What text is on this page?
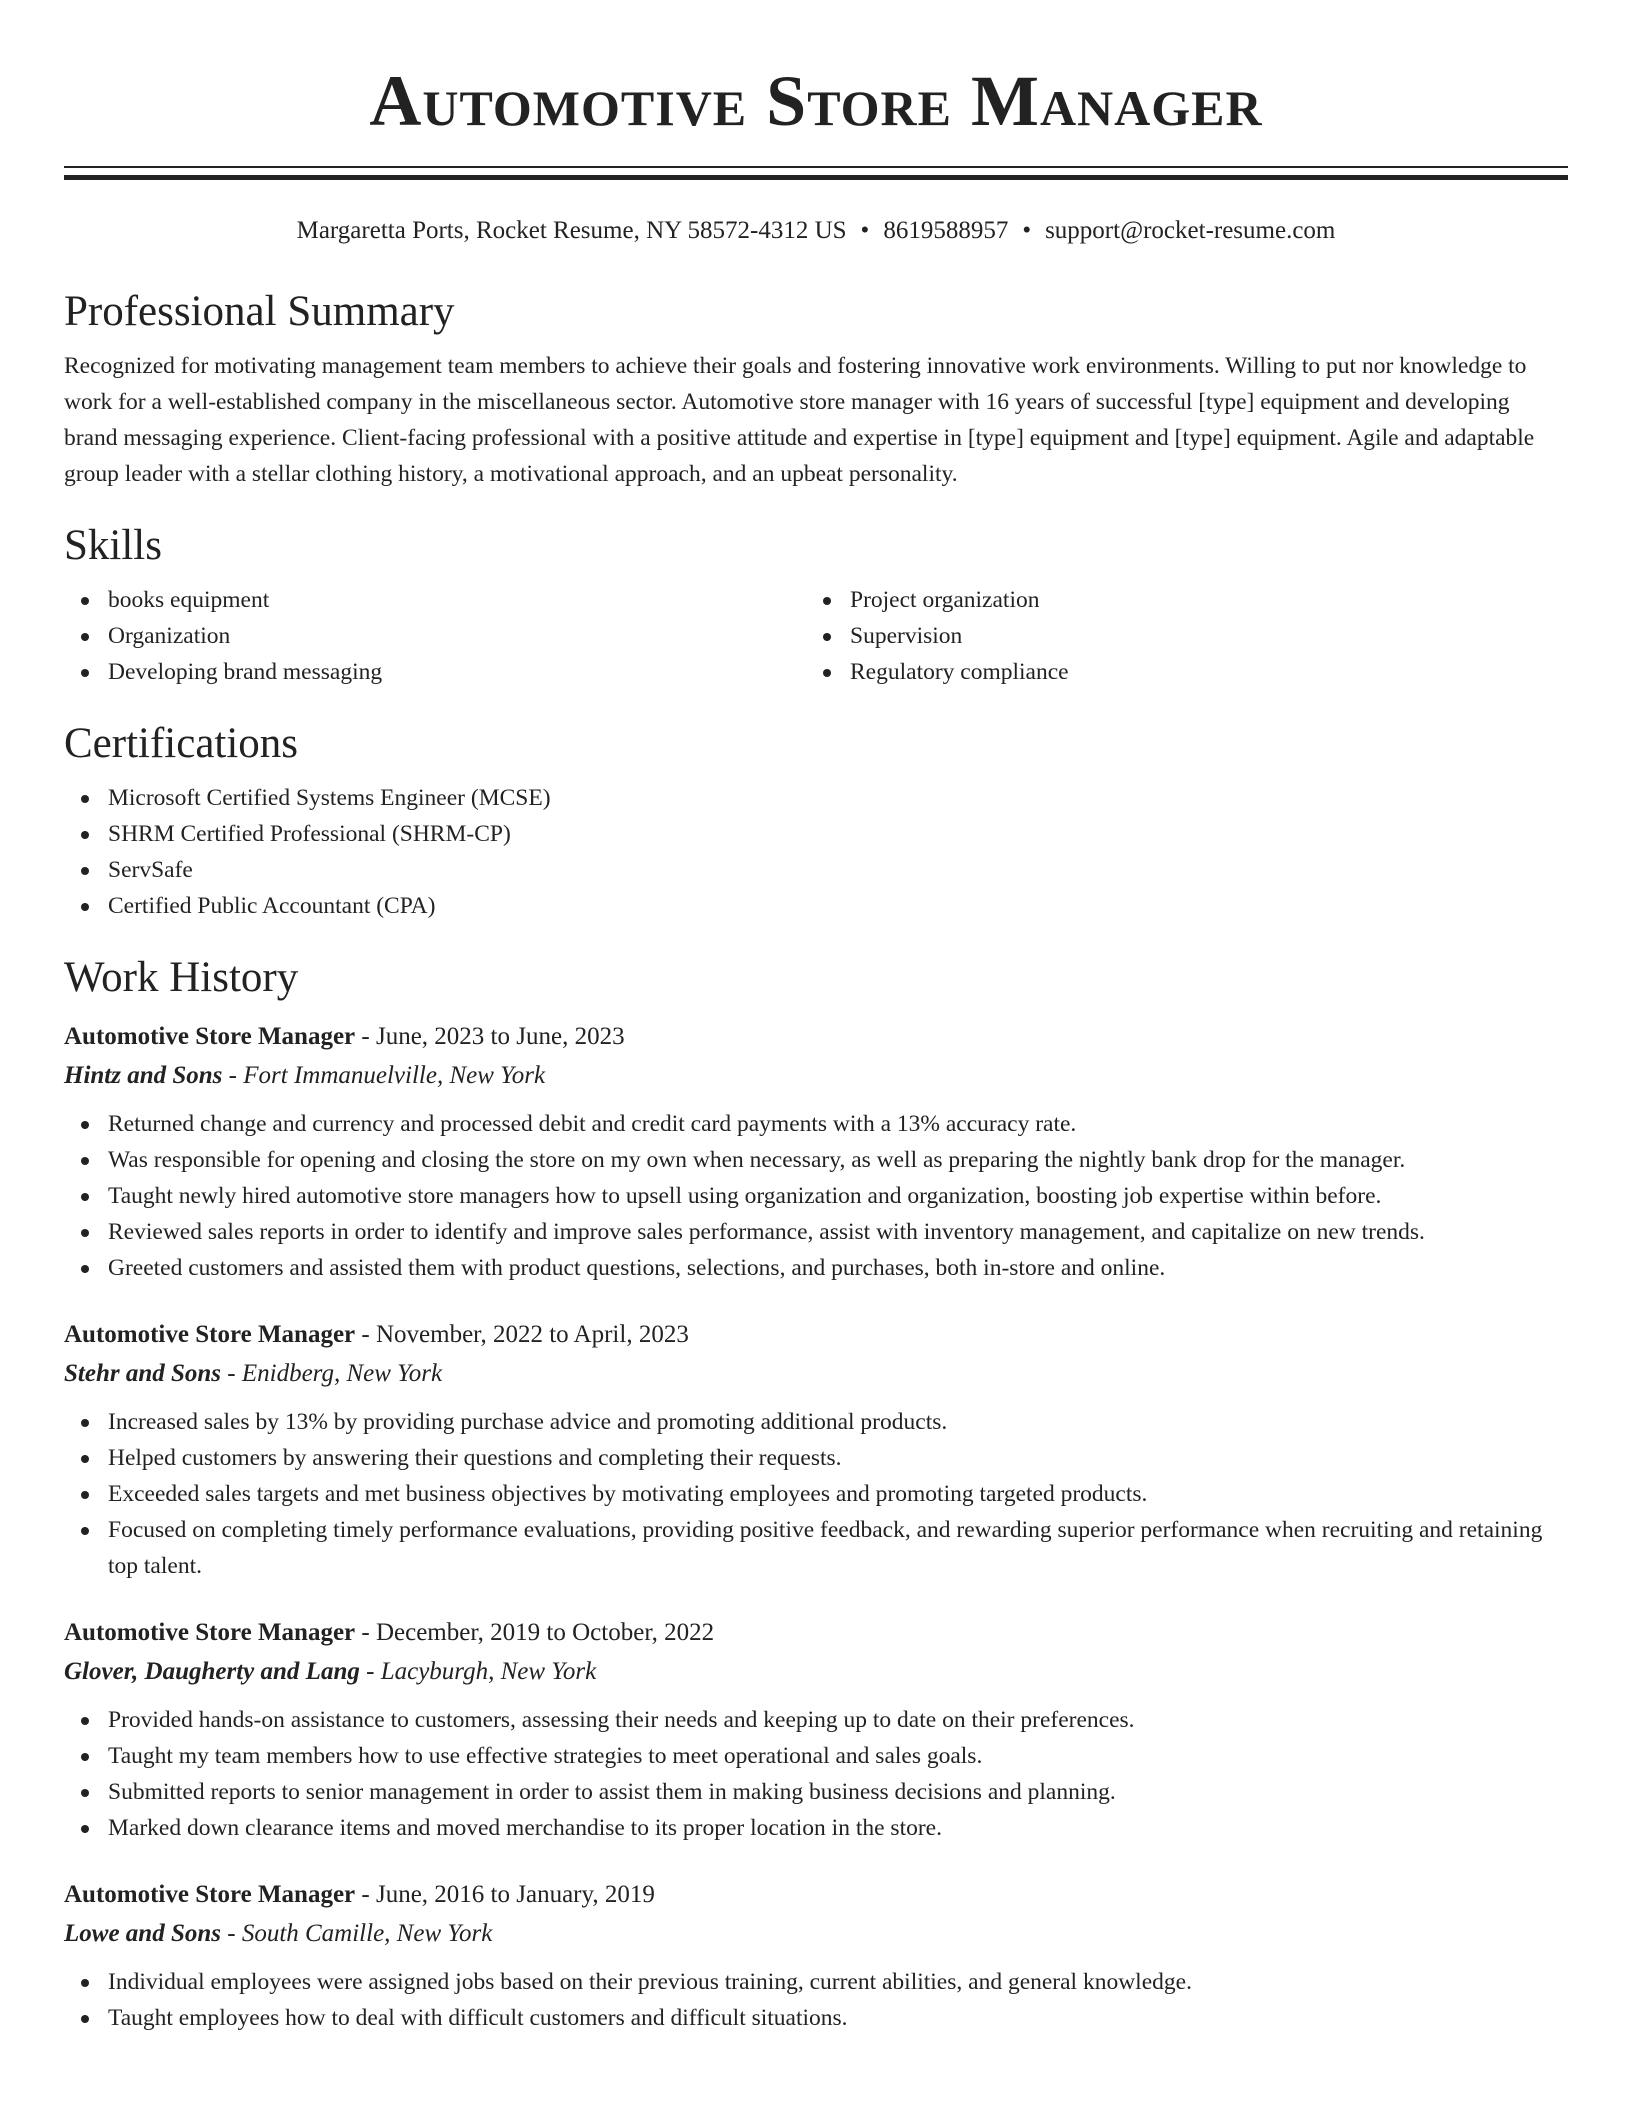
Automotive Store Manager
Margaretta Ports, Rocket Resume, NY 58572-4312 US • 8619588957 • support@rocket-resume.com
Professional Summary

Recognized for motivating management team members to achieve their goals and fostering innovative work environments. Willing to put nor knowledge to work for a well-established company in the miscellaneous sector. Automotive store manager with 16 years of successful [type] equipment and developing brand messaging experience. Client-facing professional with a positive attitude and expertise in [type] equipment and [type] equipment. Agile and adaptable group leader with a stellar clothing history, a motivational approach, and an upbeat personality.

Skills
books equipment
Organization
Developing brand messaging
Project organization
Supervision
Regulatory compliance
Certifications
Microsoft Certified Systems Engineer (MCSE)
SHRM Certified Professional (SHRM-CP)
ServSafe
Certified Public Accountant (CPA)
Work History
Automotive Store Manager - June, 2023 to June, 2023
Hintz and Sons - Fort Immanuelville, New York
Returned change and currency and processed debit and credit card payments with a 13% accuracy rate.
Was responsible for opening and closing the store on my own when necessary, as well as preparing the nightly bank drop for the manager.
Taught newly hired automotive store managers how to upsell using organization and organization, boosting job expertise within before.
Reviewed sales reports in order to identify and improve sales performance, assist with inventory management, and capitalize on new trends.
Greeted customers and assisted them with product questions, selections, and purchases, both in-store and online.
Automotive Store Manager - November, 2022 to April, 2023
Stehr and Sons - Enidberg, New York
Increased sales by 13% by providing purchase advice and promoting additional products.
Helped customers by answering their questions and completing their requests.
Exceeded sales targets and met business objectives by motivating employees and promoting targeted products.
Focused on completing timely performance evaluations, providing positive feedback, and rewarding superior performance when recruiting and retaining top talent.
Automotive Store Manager - December, 2019 to October, 2022
Glover, Daugherty and Lang - Lacyburgh, New York
Provided hands-on assistance to customers, assessing their needs and keeping up to date on their preferences.
Taught my team members how to use effective strategies to meet operational and sales goals.
Submitted reports to senior management in order to assist them in making business decisions and planning.
Marked down clearance items and moved merchandise to its proper location in the store.
Automotive Store Manager - June, 2016 to January, 2019
Lowe and Sons - South Camille, New York
Individual employees were assigned jobs based on their previous training, current abilities, and general knowledge.
Taught employees how to deal with difficult customers and difficult situations.
